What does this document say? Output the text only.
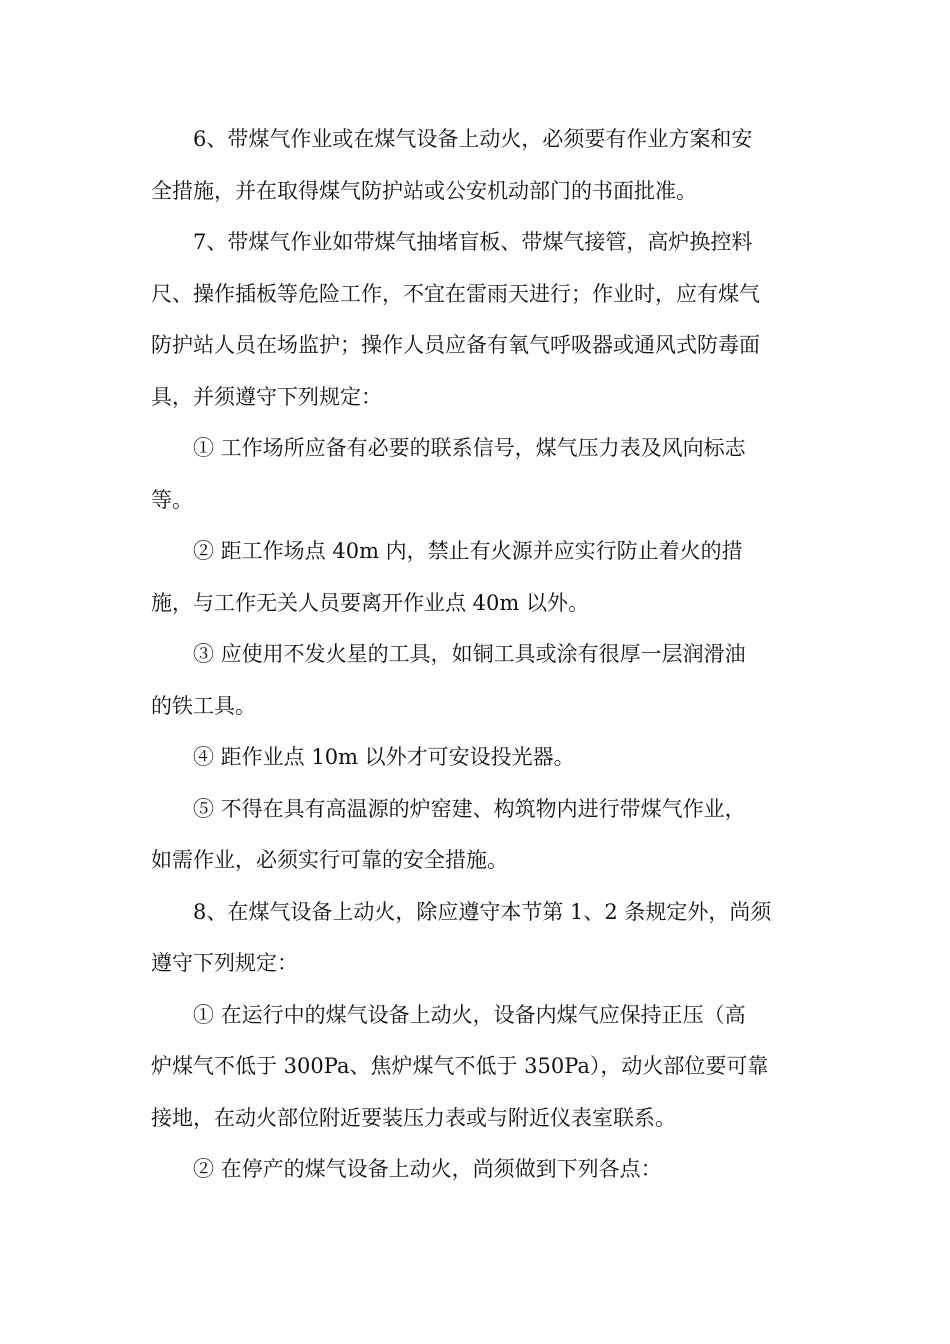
6、带煤气作业或在煤气设备上动火，必须要有作业方案和安
全措施，并在取得煤气防护站或公安机动部门的书面批准。

7、带煤气作业如带煤气抽堵盲板、带煤气接管，高炉换控料
尺、操作插板等危险工作，不宜在雷雨天进行；作业时，应有煤气
防护站人员在场监护；操作人员应备有氧气呼吸器或通风式防毒面
具，并须遵守下列规定：

① 工作场所应备有必要的联系信号，煤气压力表及风向标志
等。

② 距工作场点 40m 内，禁止有火源并应实行防止着火的措
施，与工作无关人员要离开作业点 40m 以外。

③ 应使用不发火星的工具，如铜工具或涂有很厚一层润滑油
的铁工具。

④ 距作业点 10m 以外才可安设投光器。

⑤ 不得在具有高温源的炉窑建、构筑物内进行带煤气作业，
如需作业，必须实行可靠的安全措施。

8、在煤气设备上动火，除应遵守本节第 1、2 条规定外，尚须
遵守下列规定：

① 在运行中的煤气设备上动火，设备内煤气应保持正压（高
炉煤气不低于 300Pa、焦炉煤气不低于 350Pa），动火部位要可靠
接地，在动火部位附近要装压力表或与附近仪表室联系。

② 在停产的煤气设备上动火，尚须做到下列各点：
